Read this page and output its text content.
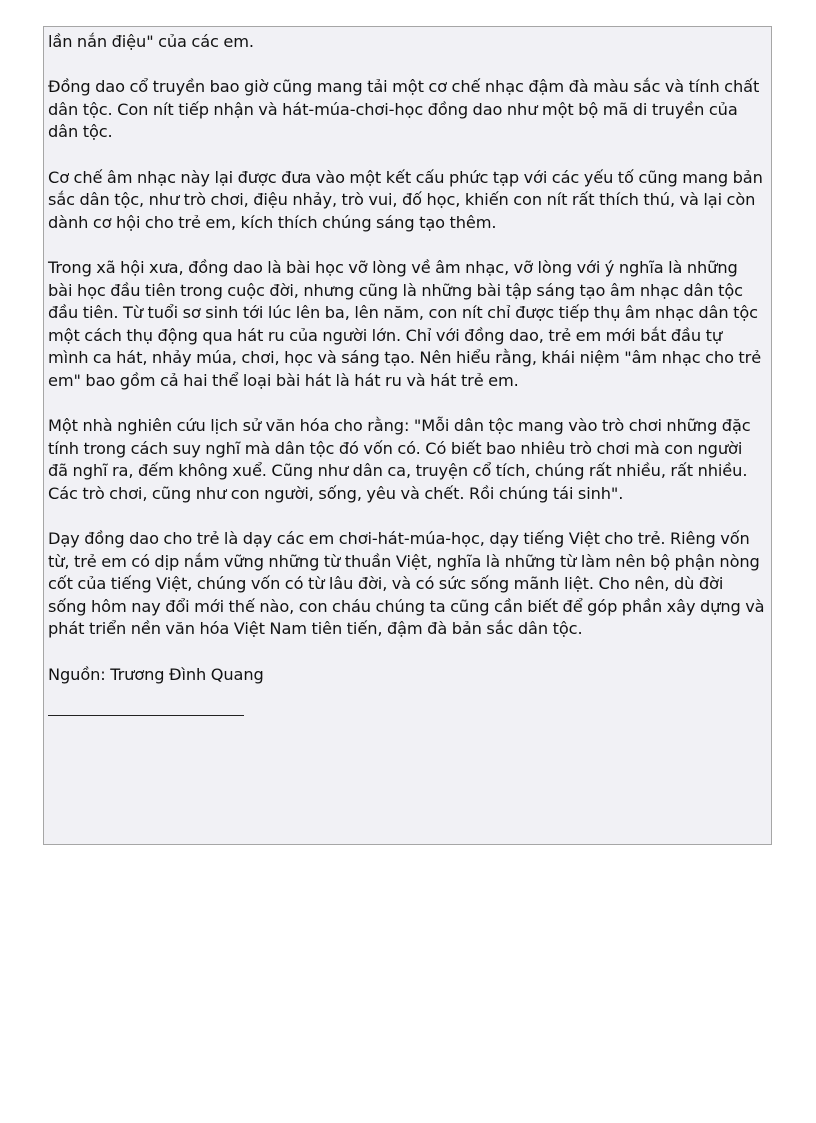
lần nắn điệu" của các em.

Đồng dao cổ truyền bao giờ cũng mang tải một cơ chế nhạc đậm đà màu sắc và tính chất dân tộc. Con nít tiếp nhận và hát-múa-chơi-học đồng dao như một bộ mã di truyền của dân tộc.

Cơ chế âm nhạc này lại được đưa vào một kết cấu phức tạp với các yếu tố cũng mang bản sắc dân tộc, như trò chơi, điệu nhảy, trò vui, đố học, khiến con nít rất thích thú, và lại còn dành cơ hội cho trẻ em, kích thích chúng sáng tạo thêm.

Trong xã hội xưa, đồng dao là bài học vỡ lòng về âm nhạc, vỡ lòng với ý nghĩa là những bài học đầu tiên trong cuộc đời, nhưng cũng là những bài tập sáng tạo âm nhạc dân tộc đầu tiên. Từ tuổi sơ sinh tới lúc lên ba, lên năm, con nít chỉ được tiếp thụ âm nhạc dân tộc một cách thụ động qua hát ru của người lớn. Chỉ với đồng dao, trẻ em mới bắt đầu tự mình ca hát, nhảy múa, chơi, học và sáng tạo. Nên hiểu rằng, khái niệm "âm nhạc cho trẻ em" bao gồm cả hai thể loại bài hát là hát ru và hát trẻ em.

Một nhà nghiên cứu lịch sử văn hóa cho rằng: "Mỗi dân tộc mang vào trò chơi những đặc tính trong cách suy nghĩ mà dân tộc đó vốn có. Có biết bao nhiêu trò chơi mà con người đã nghĩ ra, đếm không xuể. Cũng như dân ca, truyện cổ tích, chúng rất nhiều, rất nhiều. Các trò chơi, cũng như con người, sống, yêu và chết. Rồi chúng tái sinh".

Dạy đồng dao cho trẻ là dạy các em chơi-hát-múa-học, dạy tiếng Việt cho trẻ. Riêng vốn từ, trẻ em có dịp nắm vững những từ thuần Việt, nghĩa là những từ làm nên bộ phận nòng cốt của tiếng Việt, chúng vốn có từ lâu đời, và có sức sống mãnh liệt. Cho nên, dù đời sống hôm nay đổi mới thế nào, con cháu chúng ta cũng cần biết để góp phần xây dựng và phát triển nền văn hóa Việt Nam tiên tiến, đậm đà bản sắc dân tộc.

Nguồn: Trương Đình Quang
